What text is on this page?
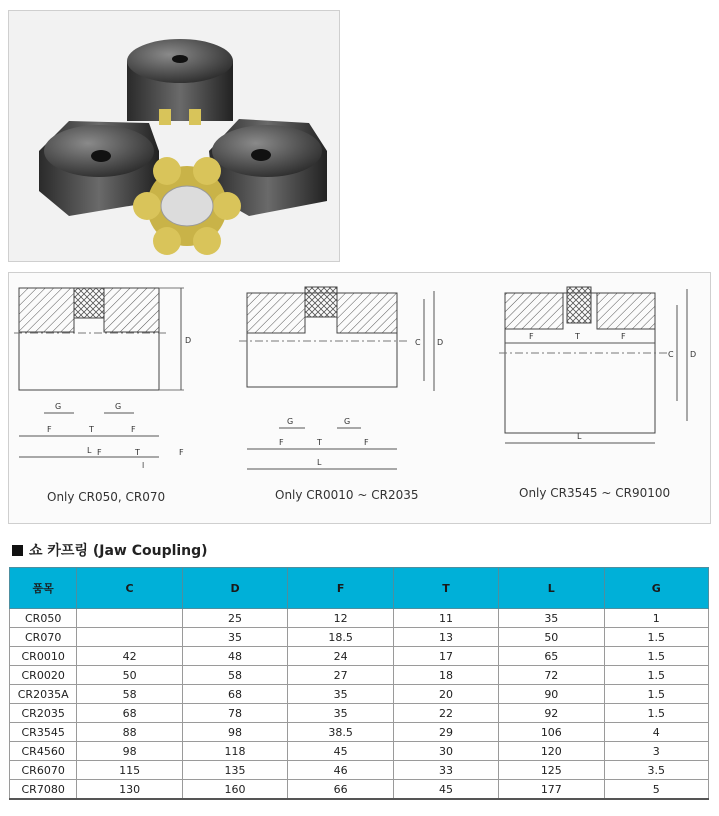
D
G	G
F	T	F
L F	T	F
l
Only CR050, CR070
C D
G	G
F	T	F
L
Only CR0010 ~ CR2035
F	T	F
C D
L
Only CR3545 ~ CR90100
쇼 카프링 (Jaw Coupling)
품목	C	D	F	T	L	G
CR050		25	12	11	35	1
CR070		35	18.5	13	50	1.5
CR0010	42	48	24	17	65	1.5
CR0020	50	58	27	18	72	1.5
CR2035A	58	68	35	20	90	1.5
CR2035	68	78	35	22	92	1.5
CR3545	88	98	38.5	29	106	4
CR4560	98	118	45	30	120	3
CR6070	115	135	46	33	125	3.5
CR7080	130	160	66	45	177	5
